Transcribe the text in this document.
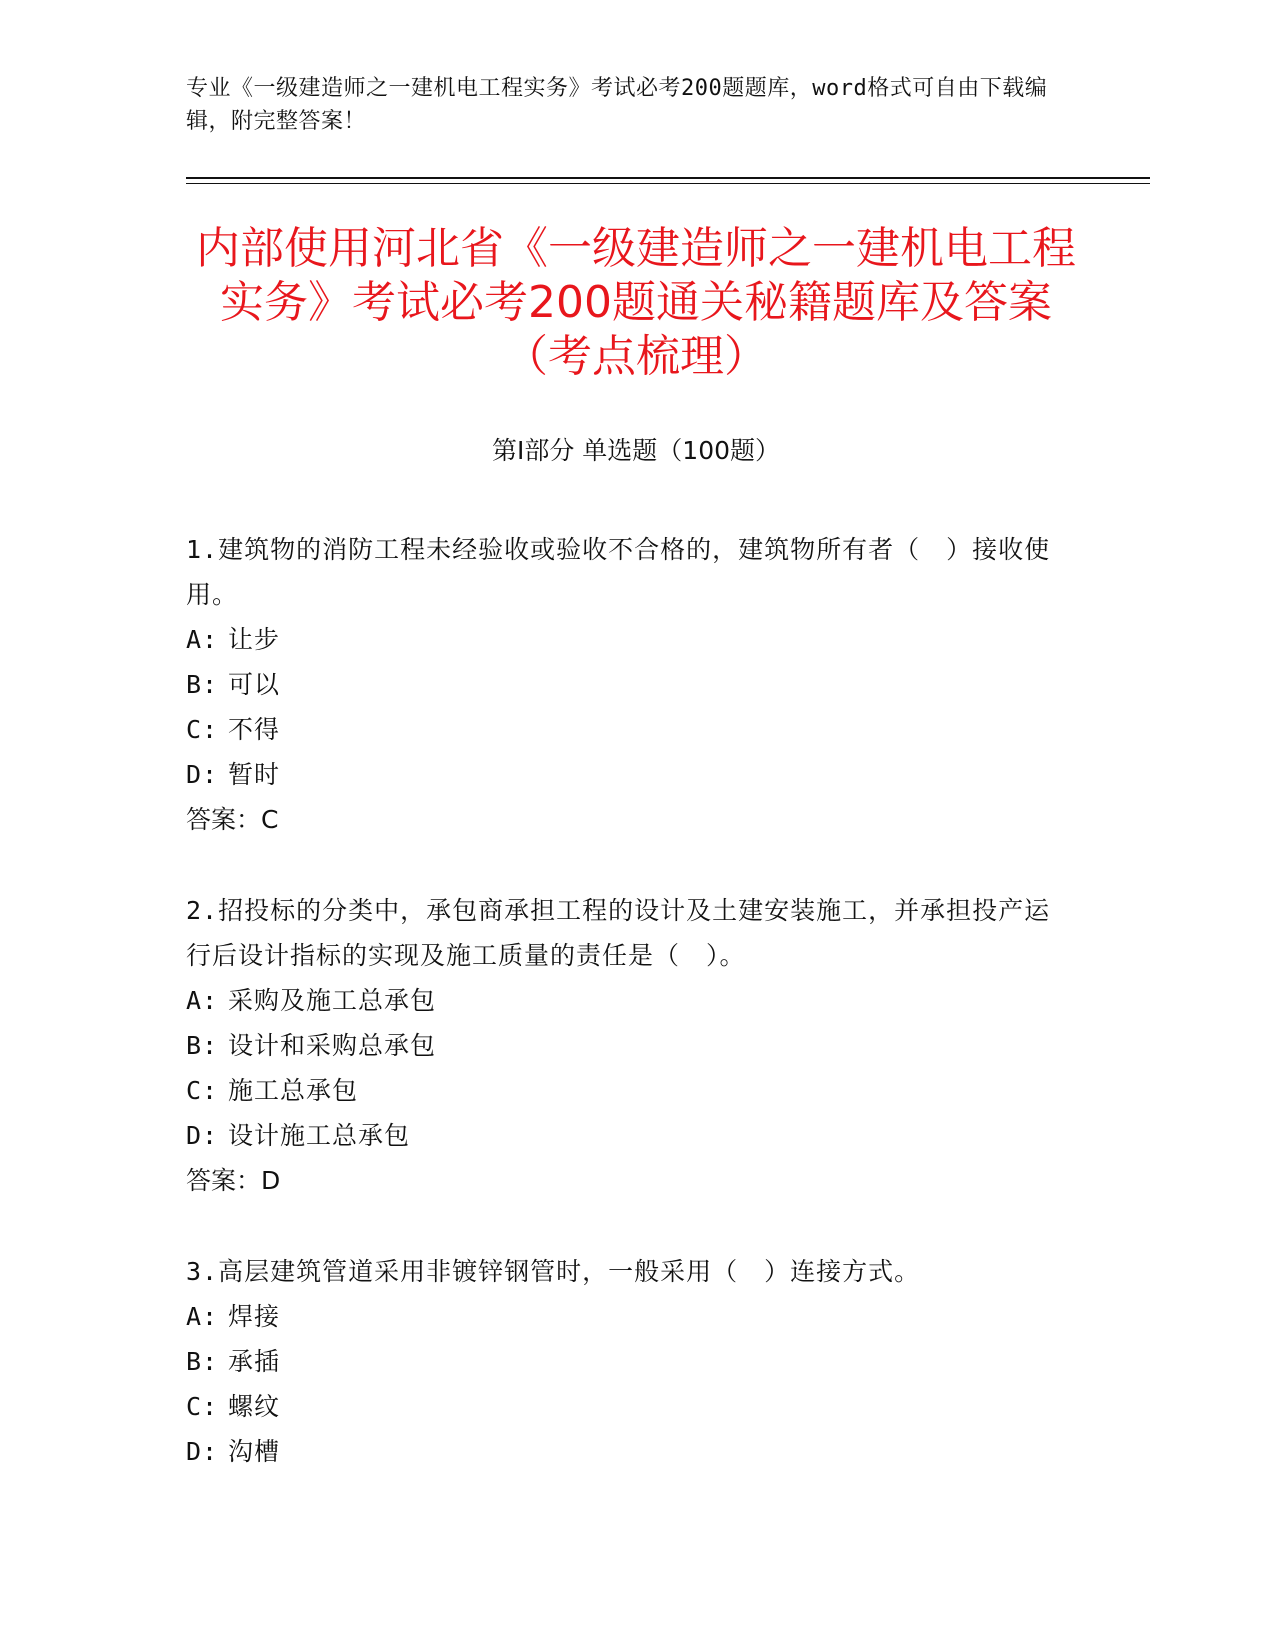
专业《一级建造师之一建机电工程实务》考试必考200题题库，word格式可自由下载编辑，附完整答案！
内部使用河北省《一级建造师之一建机电工程实务》考试必考200题通关秘籍题库及答案（考点梳理）
第Ⅰ部分 单选题（100题）

1.建筑物的消防工程未经验收或验收不合格的，建筑物所有者（　）接收使用。

A: 让步

B: 可以

C: 不得

D: 暂时

答案：C

2.招投标的分类中，承包商承担工程的设计及土建安装施工，并承担投产运行后设计指标的实现及施工质量的责任是（　）。

A: 采购及施工总承包

B: 设计和采购总承包

C: 施工总承包

D: 设计施工总承包

答案：D

3.高层建筑管道采用非镀锌钢管时，一般采用（　）连接方式。

A: 焊接

B: 承插

C: 螺纹

D: 沟槽
